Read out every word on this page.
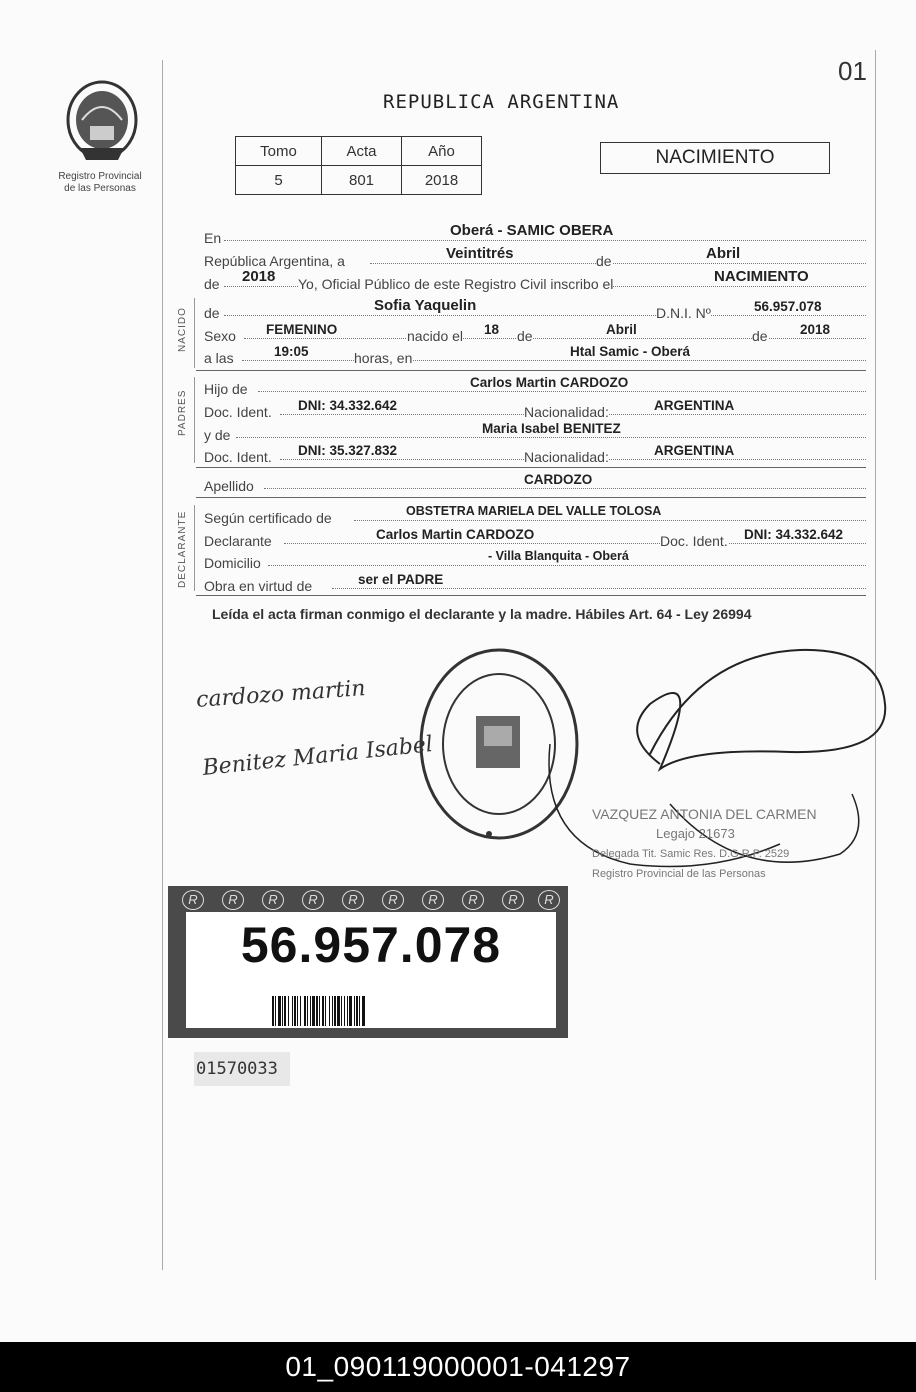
01
Registro Provincial
de las Personas
REPUBLICA ARGENTINA
Tomo	Acta	Año
5	801	2018
NACIMIENTO
En	Oberá - SAMIC OBERA
República Argentina, a	Veintitrés	de	Abril
de 2018 Yo, Oficial Público de este Registro Civil inscribo el	NACIMIENTO
NACIDO de	Sofia Yaquelin	D.N.I. Nº	56.957.078
Sexo FEMENINO	nacido el 18 de	Abril	de 2018
a las	19:05	horas, en	Htal Samic - Oberá
PADRES
Hijo de	Carlos Martin CARDOZO
Doc. Ident. DNI: 34.332.642	Nacionalidad:	ARGENTINA
y de	Maria Isabel BENITEZ
Doc. Ident. DNI: 35.327.832	Nacionalidad:	ARGENTINA
Apellido	CARDOZO
DECLARANTE Según certificado de	OBSTETRA MARIELA DEL VALLE TOLOSA
Declarante	Carlos Martin CARDOZO	Doc. Ident. DNI: 34.332.642
Domicilio	- Villa Blanquita - Oberá
Obra en virtud de	ser el PADRE
Leída el acta firman conmigo el declarante y la madre. Hábiles Art. 64 - Ley 26994
cardozo martin
Benitez Maria Isabel
VAZQUEZ ANTONIA DEL CARMEN
Legajo 21673
Delegada Tit. Samic Res. D.G.R.P. 2529
Registro Provincial de las Personas
R	R	R	R	R	R	R	R	R	R
56.957.078
01570033
01_090119000001-041297
